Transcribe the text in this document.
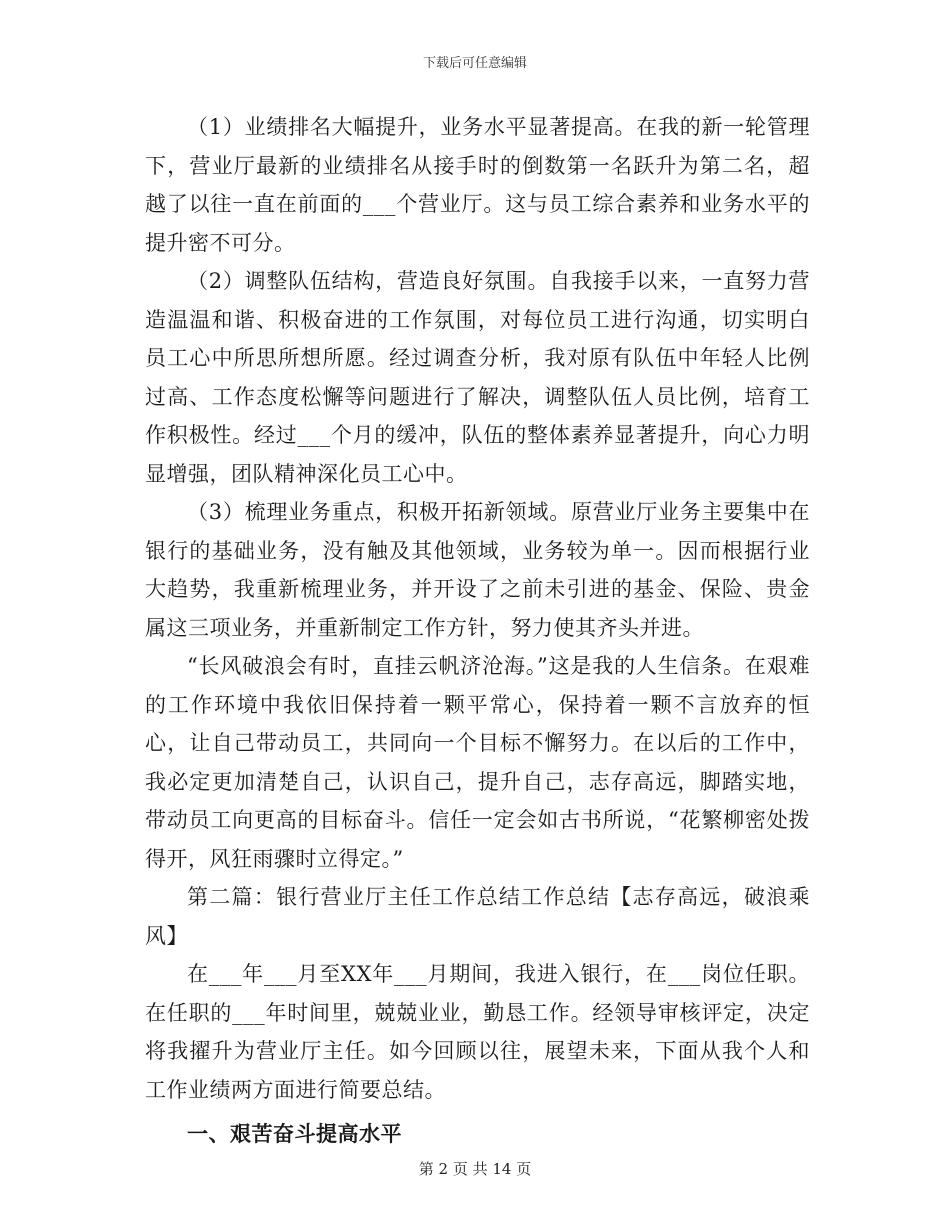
下载后可任意编辑

（1）业绩排名大幅提升，业务水平显著提高。在我的新一轮管理下，营业厅最新的业绩排名从接手时的倒数第一名跃升为第二名，超越了以往一直在前面的___个营业厅。这与员工综合素养和业务水平的提升密不可分。

（2）调整队伍结构，营造良好氛围。自我接手以来，一直努力营造温温和谐、积极奋进的工作氛围，对每位员工进行沟通，切实明白员工心中所思所想所愿。经过调查分析，我对原有队伍中年轻人比例过高、工作态度松懈等问题进行了解决，调整队伍人员比例，培育工作积极性。经过___个月的缓冲，队伍的整体素养显著提升，向心力明显增强，团队精神深化员工心中。

（3）梳理业务重点，积极开拓新领域。原营业厅业务主要集中在银行的基础业务，没有触及其他领域，业务较为单一。因而根据行业大趋势，我重新梳理业务，并开设了之前未引进的基金、保险、贵金属这三项业务，并重新制定工作方针，努力使其齐头并进。

“长风破浪会有时，直挂云帆济沧海。”这是我的人生信条。在艰难的工作环境中我依旧保持着一颗平常心，保持着一颗不言放弃的恒心，让自己带动员工，共同向一个目标不懈努力。在以后的工作中，我必定更加清楚自己，认识自己，提升自己，志存高远，脚踏实地，带动员工向更高的目标奋斗。信任一定会如古书所说，“花繁柳密处拨得开，风狂雨骤时立得定。”

第二篇：银行营业厅主任工作总结工作总结【志存高远，破浪乘风】

在___年___月至XX年___月期间，我进入银行，在___岗位任职。在任职的___年时间里，兢兢业业，勤恳工作。经领导审核评定，决定将我擢升为营业厅主任。如今回顾以往，展望未来，下面从我个人和工作业绩两方面进行简要总结。

一、艰苦奋斗提高水平
第 2 页 共 14 页
